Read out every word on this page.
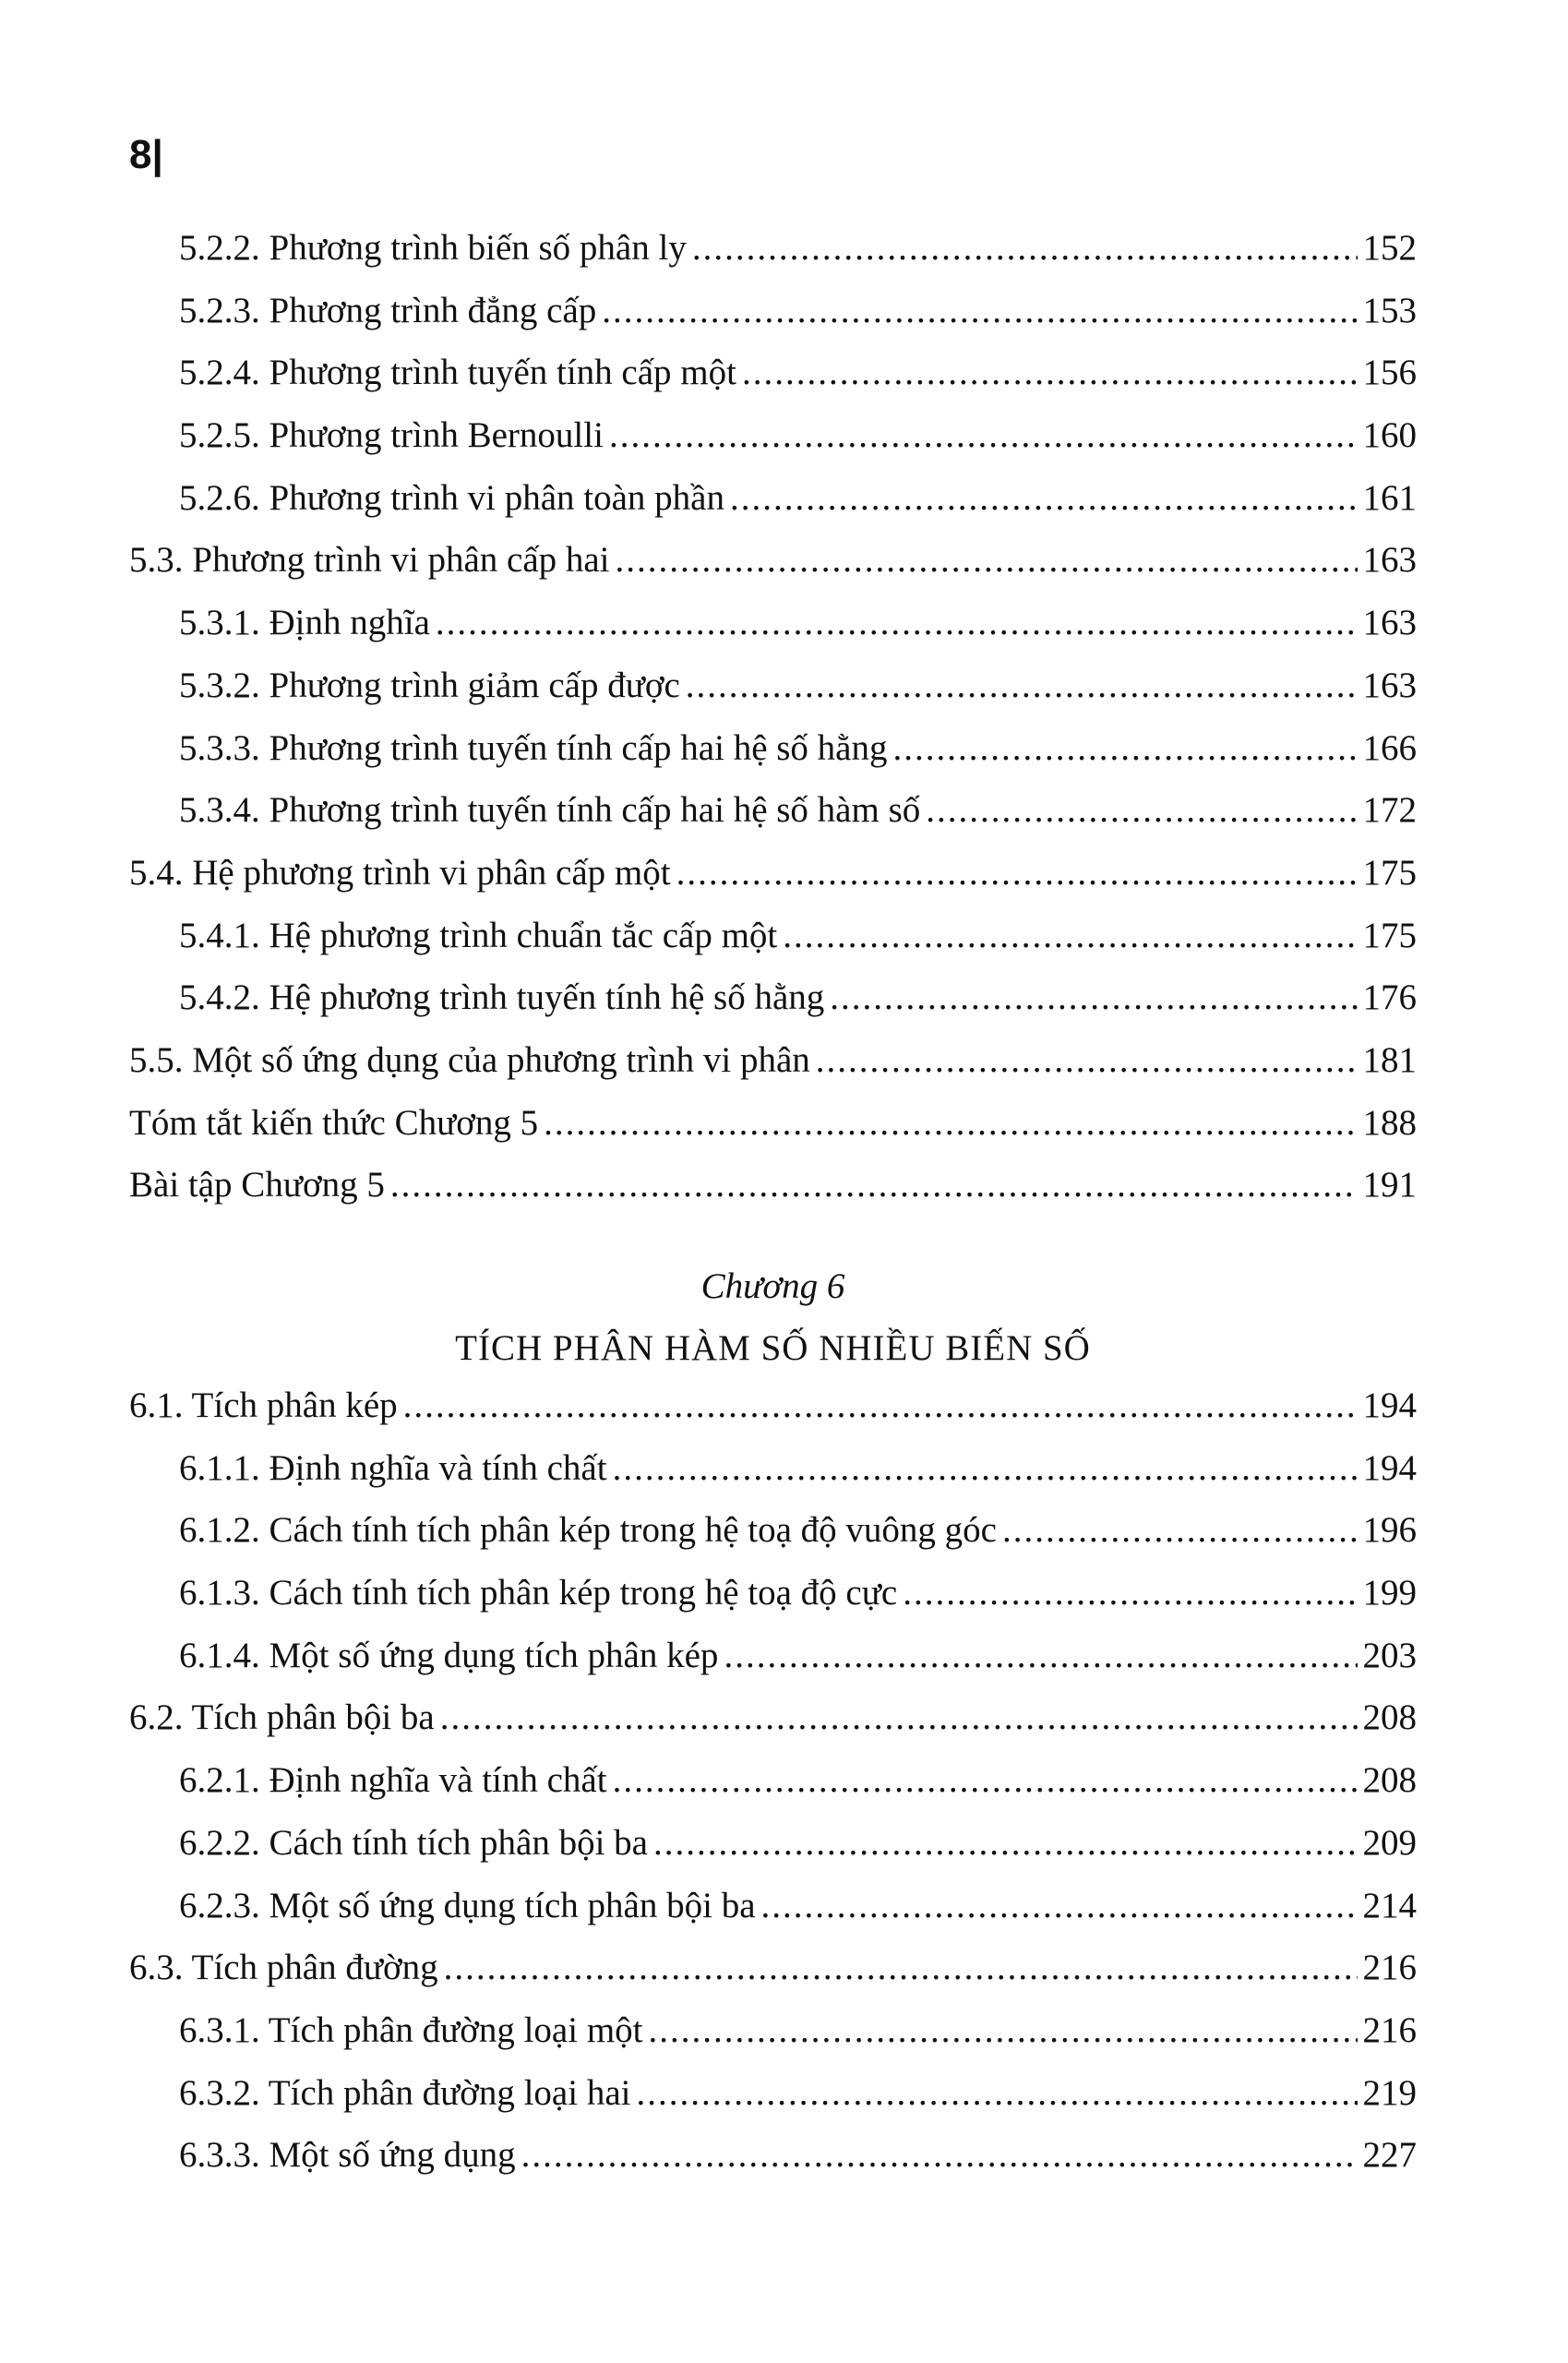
8|
5.2.2. Phương trình biến số phân ly .....	152
5.2.3. Phương trình đẳng cấp .....	153
5.2.4. Phương trình tuyến tính cấp một .....	156
5.2.5. Phương trình Bernoulli .....	160
5.2.6. Phương trình vi phân toàn phần .....	161
5.3. Phương trình vi phân cấp hai .....	163
5.3.1. Định nghĩa .....	163
5.3.2. Phương trình giảm cấp được .....	163
5.3.3. Phương trình tuyến tính cấp hai hệ số hằng .....	166
5.3.4. Phương trình tuyến tính cấp hai hệ số hàm số .....	172
5.4. Hệ phương trình vi phân cấp một .....	175
5.4.1. Hệ phương trình chuẩn tắc cấp một .....	175
5.4.2. Hệ phương trình tuyến tính hệ số hằng .....	176
5.5. Một số ứng dụng của phương trình vi phân .....	181
Tóm tắt kiến thức Chương 5 .....	188
Bài tập Chương 5 .....	191
Chương 6
TÍCH PHÂN HÀM SỐ NHIỀU BIẾN SỐ
6.1. Tích phân kép .....	194
6.1.1. Định nghĩa và tính chất .....	194
6.1.2. Cách tính tích phân kép trong hệ toạ độ vuông góc .....	196
6.1.3. Cách tính tích phân kép trong hệ toạ độ cực .....	199
6.1.4. Một số ứng dụng tích phân kép .....	203
6.2. Tích phân bội ba .....	208
6.2.1. Định nghĩa và tính chất .....	208
6.2.2. Cách tính tích phân bội ba .....	209
6.2.3. Một số ứng dụng tích phân bội ba .....	214
6.3. Tích phân đường .....	216
6.3.1. Tích phân đường loại một .....	216
6.3.2. Tích phân đường loại hai .....	219
6.3.3. Một số ứng dụng .....	227
